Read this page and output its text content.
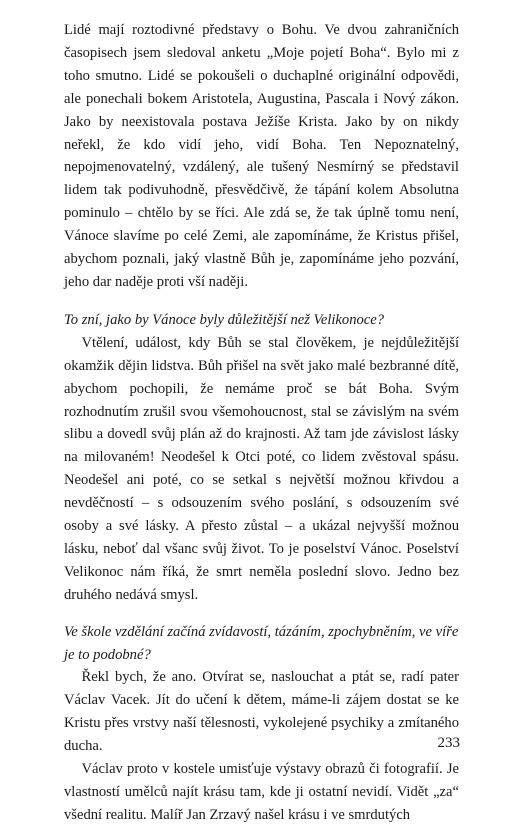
Lidé mají roztodivné představy o Bohu. Ve dvou zahraničních časopisech jsem sledoval anketu „Moje pojetí Boha“. Bylo mi z toho smutno. Lidé se pokoušeli o duchaplné originální odpovědi, ale ponechali bokem Aristotela, Augustina, Pascala i Nový zákon. Jako by neexistovala postava Ježíše Krista. Jako by on nikdy neřekl, že kdo vidí jeho, vidí Boha. Ten Nepoznatelný, nepojmenovatelný, vzdálený, ale tušený Nesmírný se představil lidem tak podivuhodně, přesvědčivě, že tápání kolem Absolutna pominulo – chtělo by se říci. Ale zdá se, že tak úplně tomu není, Vánoce slavíme po celé Zemi, ale zapomínáme, že Kristus přišel, abychom poznali, jaký vlastně Bůh je, zapomínáme jeho pozvání, jeho dar naděje proti vší naději.

To zní, jako by Vánoce byly důležitější než Velikonoce?

Vtělení, událost, kdy Bůh se stal člověkem, je nejdůležitější okamžik dějin lidstva. Bůh přišel na svět jako malé bezbranné dítě, abychom pochopili, že nemáme proč se bát Boha. Svým rozhodnutím zrušil svou všemohoucnost, stal se závislým na svém slibu a dovedl svůj plán až do krajnosti. Až tam jde závislost lásky na milovaném! Neodešel k Otci poté, co lidem zvěstoval spásu. Neodešel ani poté, co se setkal s největší možnou křivdou a nevděčností – s odsouzením svého poslání, s odsouzením své osoby a své lásky. A přesto zůstal – a ukázal nejvyšší možnou lásku, neboť dal všanc svůj život. To je poselství Vánoc. Poselství Velikonoc nám říká, že smrt neměla poslední slovo. Jedno bez druhého nedává smysl.

Ve škole vzdělání začíná zvídavostí, tázáním, zpochybněním, ve víře je to podobné?

Řekl bych, že ano. Otvírat se, naslouchat a ptát se, radí pater Václav Vacek. Jít do učení k dětem, máme-li zájem dostat se ke Kristu přes vrstvy naší tělesnosti, vykolejené psychiky a zmítaného ducha.

Václav proto v kostele umisťuje výstavy obrazů či fotografií. Je vlastností umělců najít krásu tam, kde ji ostatní nevidí. Vidět „za“ všední realitu. Malíř Jan Zrzavý našel krásu i ve smrdutých

233
